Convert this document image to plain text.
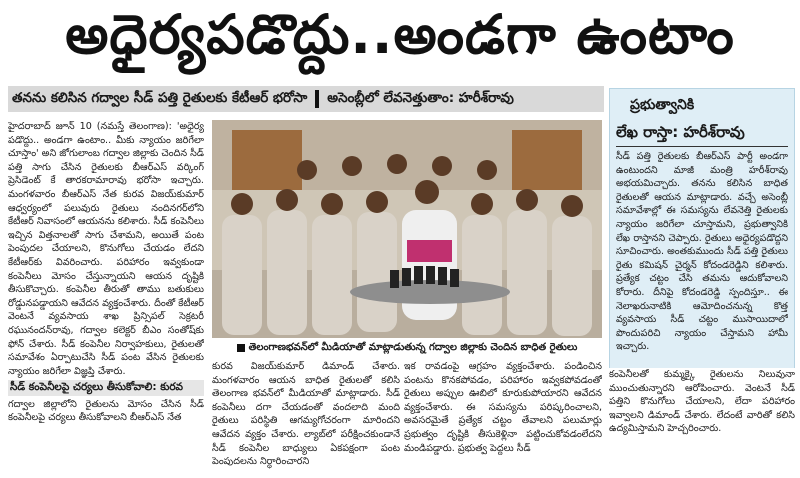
అధైర్యపడొద్దు..అండగా ఉంటాం
తనను కలిసిన గద్వాల సీడ్ పత్తి రైతులకు కేటీఆర్ భరోసా అసెంబ్లీలో లేవనెత్తుతాం: హరీశ్‌రావు

హైదరాబాద్ జూన్ 10 (నమస్తే తెలంగాణ): 'అధైర్య పడొద్దు.. అండగా ఉంటాం.. మీకు న్యాయం జరిగేలా చూస్తాం' అని జోగులాంబ గద్వాల జిల్లాకు చెందిన సీడ్ పత్తి సాగు చేసిన రైతులకు బీఆర్ఎస్ వర్కింగ్ ప్రెసిడెంట్ కే తారకరామారావు భరోసా ఇచ్చారు. మంగళవారం బీఆర్ఎస్ నేత కురవ విజయ్‌కుమార్ ఆధ్వర్యంలో పలువురు రైతులు నందినగర్‌లోని కేటీఆర్ నివాసంలో ఆయనను కలిశారు. సీడ్ కంపెనీలు ఇచ్చిన విత్తనాలతో సాగు చేశామని, అయితే పంట పెంపుదల చేయాలని, కొనుగోలు చేయడం లేదని కేటీఆర్‌కు వివరించారు. పరిహారం ఇవ్వకుండా కంపెనీలు మోసం చేస్తున్నాయని ఆయన దృష్టికి తీసుకొచ్చారు. కంపెనీల తీరుతో తాము బతుకులు రోడ్డునపడ్డాయని ఆవేదన వ్యక్తంచేశారు. దీంతో కేటీఆర్ వెంటనే వ్యవసాయ శాఖ ప్రిన్సిపల్ సెక్రటరీ రఘునందన్‌రావు, గద్వాల కలెక్టర్ బీఎం సంతోష్‌కు ఫోన్ చేశారు. సీడ్ కంపెనీల నిర్వాహకులు, రైతులతో సమావేశం ఏర్పాటుచేసి సీడ్ పంట వేసిన రైతులకు న్యాయం జరిగేలా విజ్ఞప్తి చేశారు.

సీడ్ కంపెనీలపై చర్యలు తీసుకోవాలి: కురవ

గద్వాల జిల్లాలోని రైతులను మోసం చేసిన సీడ్ కంపెనీలపై చర్యలు తీసుకోవాలని బీఆర్ఎస్ నేత

తెలంగాణభవన్‌లో మీడియాతో మాట్లాడుతున్న గద్వాల జిల్లాకు చెందిన బాధిత రైతులు

కురవ విజయ్‌కుమార్ డిమాండ్ చేశారు. మంగళవారం ఆయన బాధిత రైతులతో కలిసి తెలంగాణ భవన్‌లో మీడియాతో మాట్లాడారు. సీడ్ కంపెనీలు దగా చేయడంతో వందలాది మంది రైతులు పరిస్థితి ఆగమ్యగోచరంగా మారిందని ఆవేదన వ్యక్తం చేశారు. ల్యాబ్‌లో పరీక్షించకుండానే సీడ్ కంపెనీల బాధ్యులు ఏకపక్షంగా పంట పెంపుదలను నిర్ధారించారని

ఇక రావడంపై ఆగ్రహం వ్యక్తంచేశారు. పండించిన పంటను కొనకపోవడం, పరిహారం ఇవ్వకపోవడంతో రైతులు అప్పుల ఊబిలో కూరుకుపోయారని ఆవేదన వ్యక్తంచేశారు. ఈ సమస్యను పరిష్కరించాలని, అవసరమైతే ప్రత్యేక చట్టం తేవాలని పలుమార్లు ప్రభుత్వం దృష్టికి తీసుకెళ్లినా పట్టించుకోవడంలేదని మండిపడ్డారు. ప్రభుత్వ పెద్దలు సీడ్

ప్రభుత్వానికి
లేఖ రాస్తా: హరీశ్‌రావు

సీడ్ పత్తి రైతులకు బీఆర్ఎస్ పార్టీ అండగా ఉంటుందని మాజీ మంత్రి హరీశ్‌రావు అభయమిచ్చారు. తనను కలిసిన బాధిత రైతులతో ఆయన మాట్లాడారు. వచ్చే అసెంబ్లీ సమావేశాల్లో ఈ సమస్యను లేవనెత్తి రైతులకు న్యాయం జరిగేలా చూస్తామని, ప్రభుత్వానికి లేఖ రాస్తానని చెప్పారు. రైతులు అధైర్యపడొద్దని సూచించారు. అంతకుముందు సీడ్ పత్తి రైతులు రైతు కమిషన్ చైర్మన్ కోదండరెడ్డిని కలిశారు. ప్రత్యేక చట్టం చేసి తమను ఆదుకోవాలని కోరారు. దీనిపై కోదండరెడ్డి స్పందిస్తూ.. ఈ నెలాఖరునాటికి ఆమోదించనున్న కొత్త వ్యవసాయ సీడ్ చట్టం ముసాయిదాలో పొందుపరిచి న్యాయం చేస్తామని హామీ ఇచ్చారు.

కంపెనీలతో కుమ్మక్కై రైతులను నిలువునా ముంచుతున్నారని ఆరోపించారు. వెంటనే సీడ్ పత్తిని కొనుగోలు చేయాలని, లేదా పరిహారం ఇవ్వాలని డిమాండ్ చేశారు. లేదంటే వారితో కలిసి ఉద్యమిస్తామని హెచ్చరించారు.
